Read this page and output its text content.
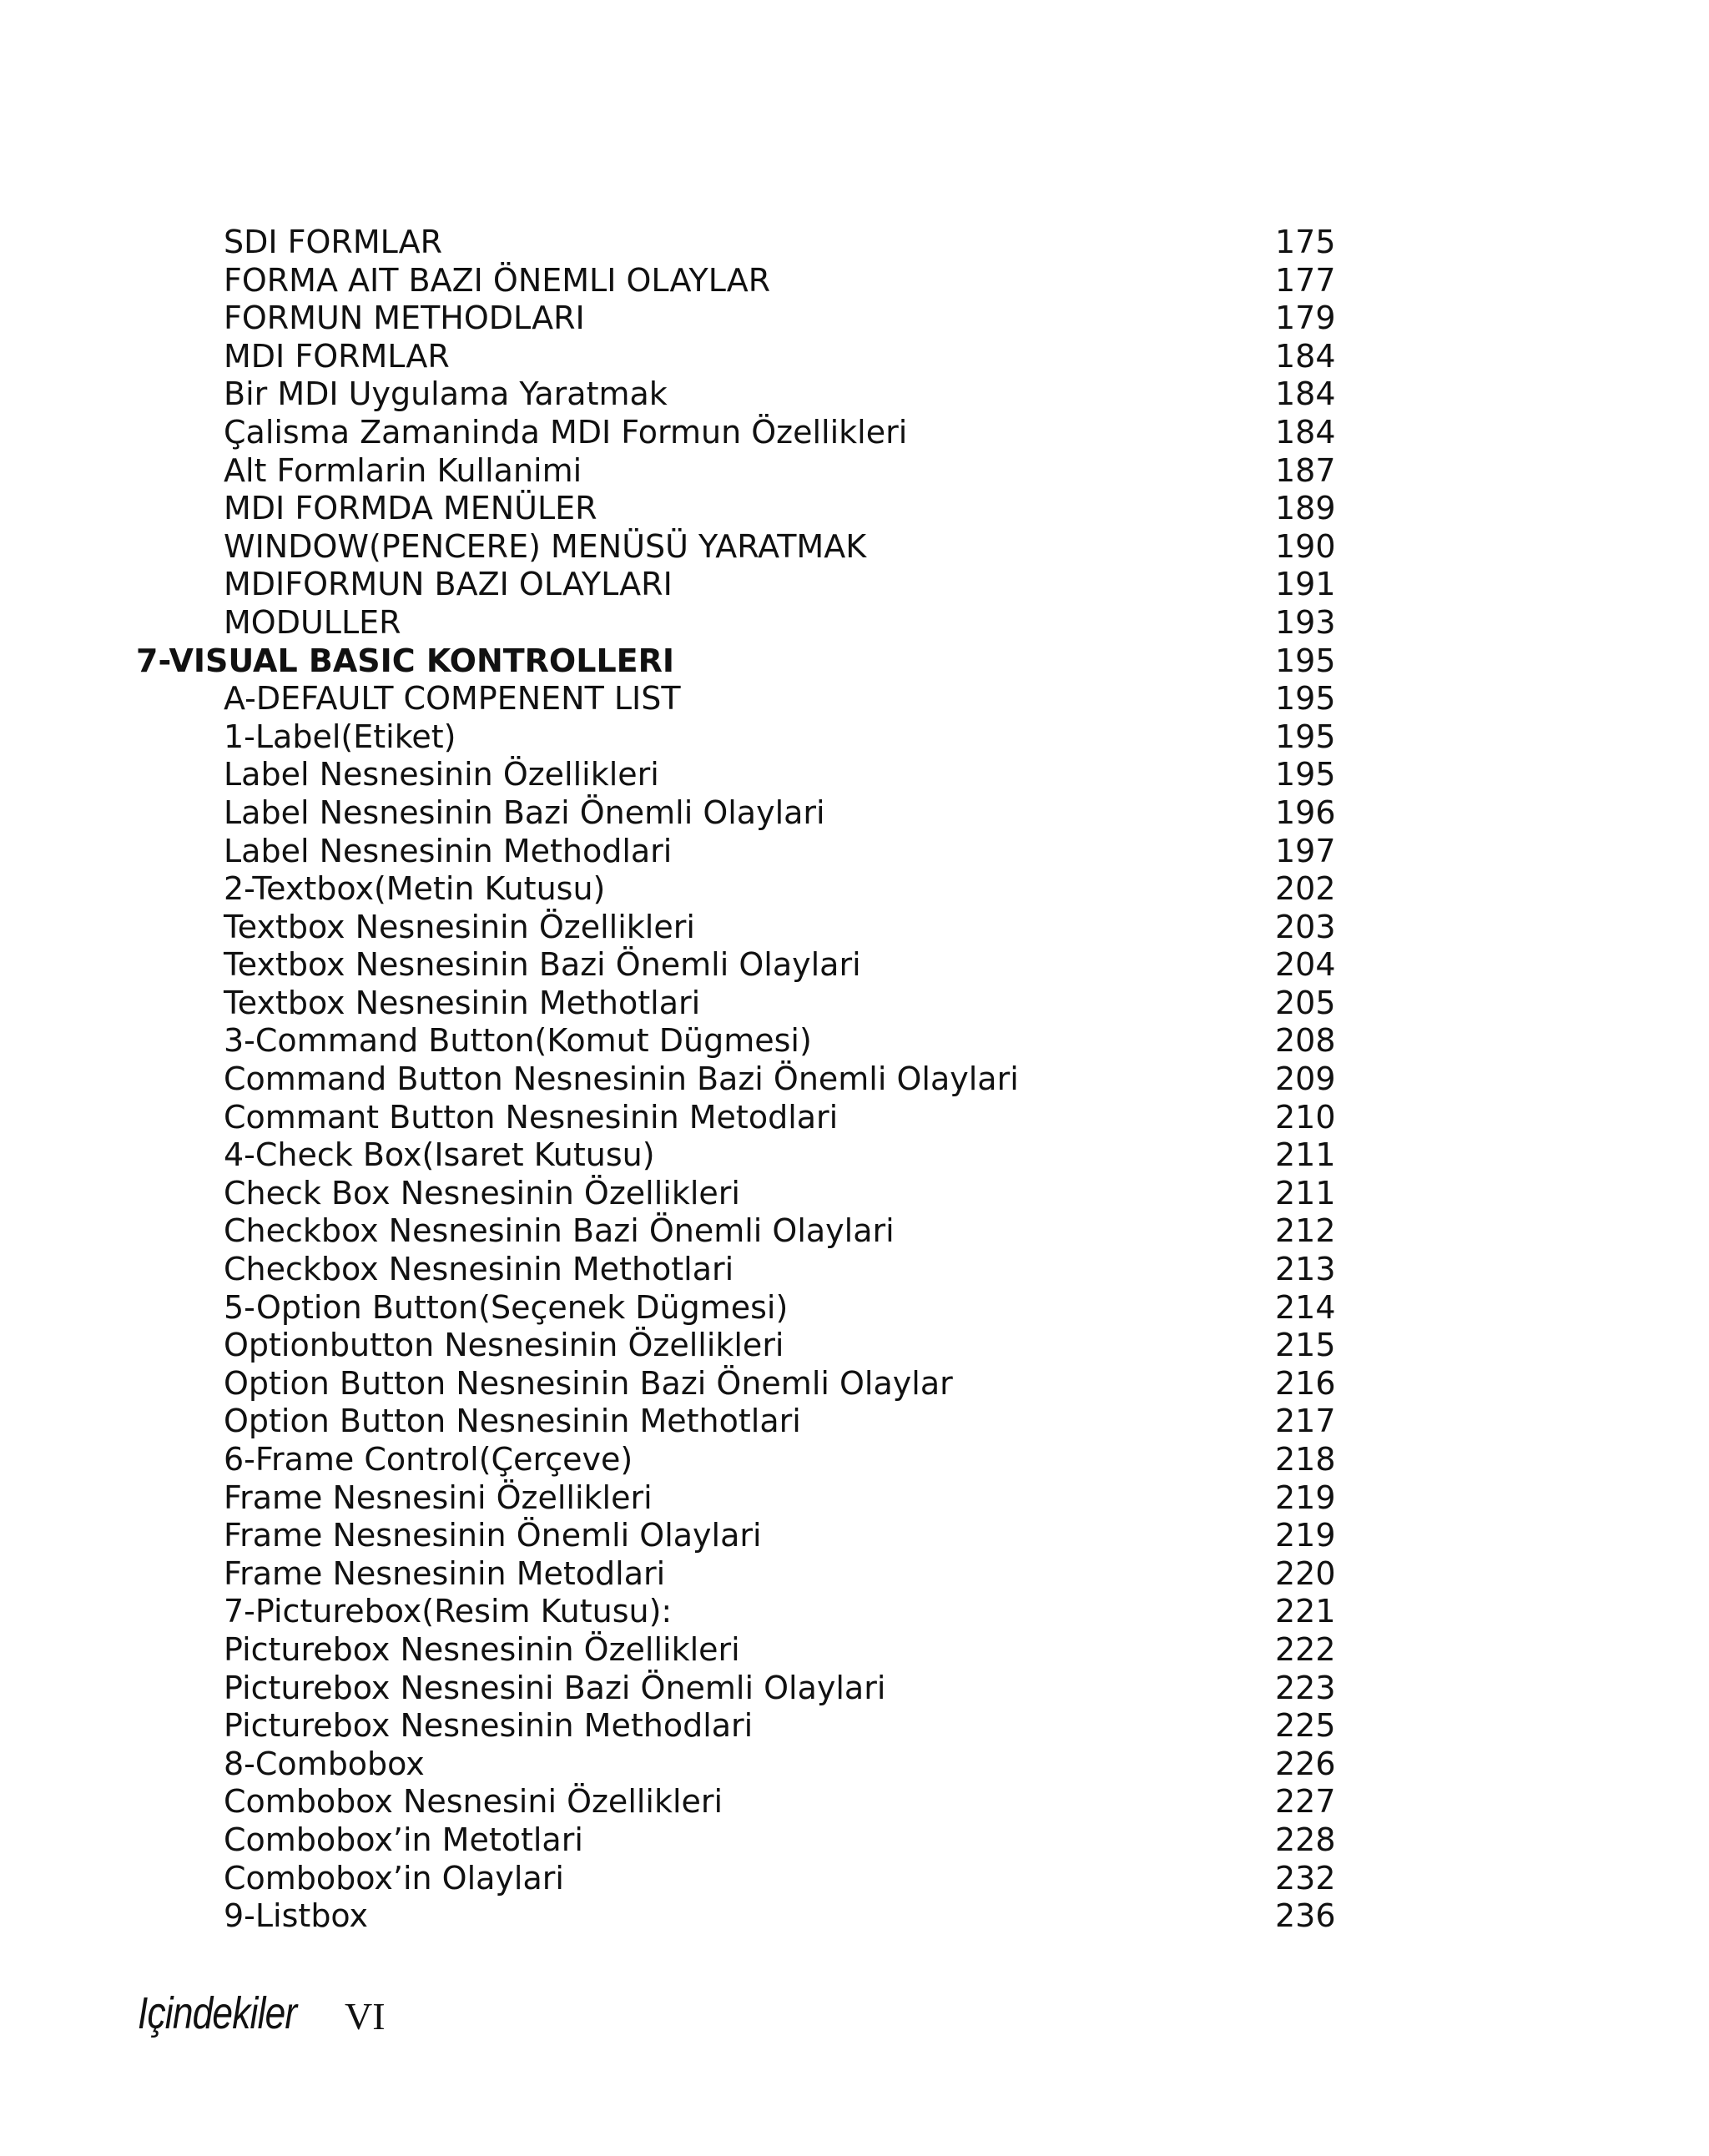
SDI FORMLAR	175
FORMA AIT BAZI ÖNEMLI OLAYLAR	177
FORMUN METHODLARI	179
MDI FORMLAR	184
Bir MDI Uygulama Yaratmak	184
Çalisma Zamaninda MDI Formun Özellikleri	184
Alt Formlarin Kullanimi	187
MDI FORMDA MENÜLER	189
WINDOW(PENCERE) MENÜSÜ YARATMAK	190
MDIFORMUN BAZI OLAYLARI	191
MODULLER	193
7-VISUAL BASIC KONTROLLERI	195
A-DEFAULT COMPENENT LIST	195
1-Label(Etiket)	195
Label Nesnesinin Özellikleri	195
Label Nesnesinin Bazi Önemli Olaylari	196
Label Nesnesinin Methodlari	197
2-Textbox(Metin Kutusu)	202
Textbox Nesnesinin Özellikleri	203
Textbox Nesnesinin Bazi Önemli Olaylari	204
Textbox Nesnesinin Methotlari	205
3-Command Button(Komut Dügmesi)	208
Command Button Nesnesinin Bazi Önemli Olaylari	209
Commant Button Nesnesinin Metodlari	210
4-Check Box(Isaret Kutusu)	211
Check Box Nesnesinin Özellikleri	211
Checkbox Nesnesinin Bazi Önemli Olaylari	212
Checkbox Nesnesinin Methotlari	213
5-Option Button(Seçenek Dügmesi)	214
Optionbutton Nesnesinin Özellikleri	215
Option Button Nesnesinin Bazi Önemli Olaylar	216
Option Button Nesnesinin Methotlari	217
6-Frame Control(Çerçeve)	218
Frame Nesnesini Özellikleri	219
Frame Nesnesinin Önemli Olaylari	219
Frame Nesnesinin Metodlari	220
7-Picturebox(Resim Kutusu):	221
Picturebox Nesnesinin Özellikleri	222
Picturebox Nesnesini Bazi Önemli Olaylari	223
Picturebox Nesnesinin Methodlari	225
8-Combobox	226
Combobox Nesnesini Özellikleri	227
Combobox’in Metotlari	228
Combobox’in Olaylari	232
9-Listbox	236
Içindekiler VI
